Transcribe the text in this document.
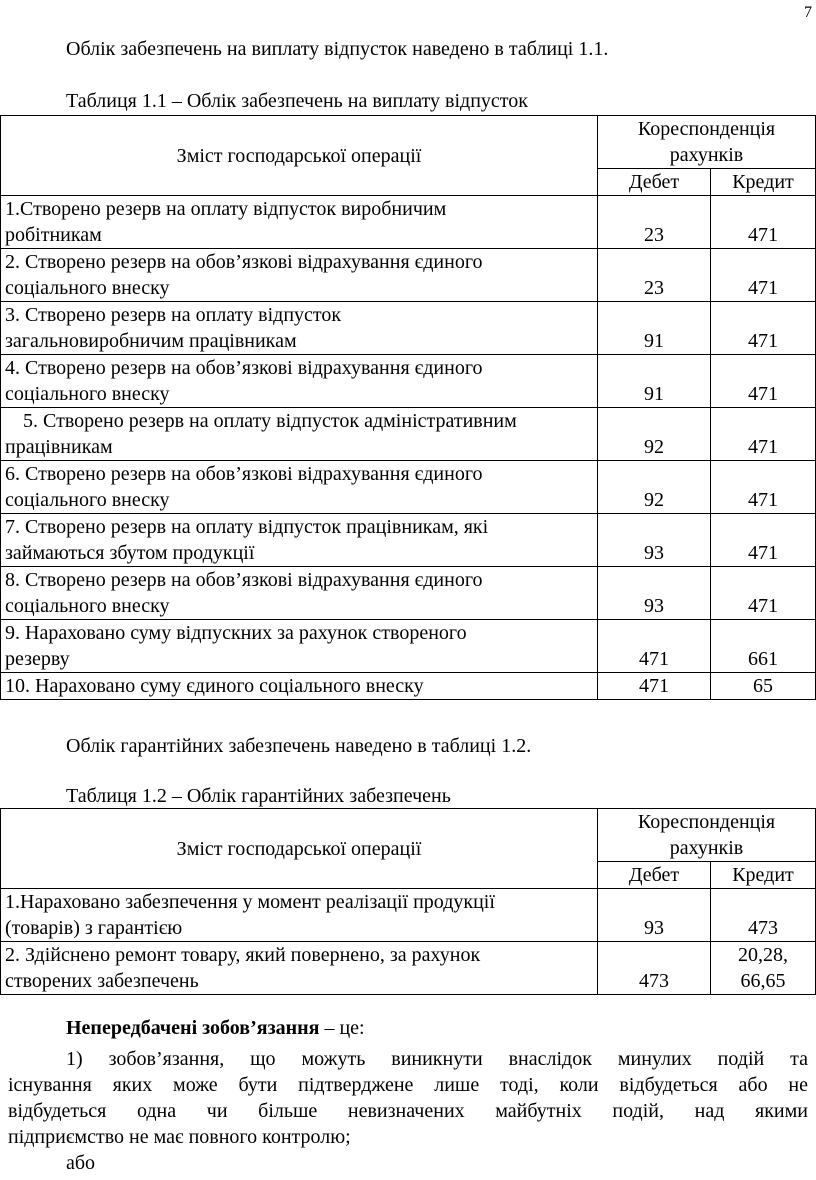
7
Облік забезпечень на виплату відпусток наведено в таблиці 1.1.
Таблиця 1.1 – Облік забезпечень на виплату відпусток
Зміст господарської операції	Кореспонденція
рахунків	
	Дебет	Кредит
1.Створено резерв на оплату відпусток виробничим
робітникам	23	471
2. Створено резерв на обов’язкові відрахування єдиного
соціального внеску	23	471
3. Створено резерв на оплату відпусток
загальновиробничим працівникам	91	471
4. Створено резерв на обов’язкові відрахування єдиного
соціального внеску	91	471
5. Створено резерв на оплату відпусток адміністративним
працівникам	92	471
6. Створено резерв на обов’язкові відрахування єдиного
соціального внеску	92	471
7. Створено резерв на оплату відпусток працівникам, які
займаються збутом продукції	93	471
8. Створено резерв на обов’язкові відрахування єдиного
соціального внеску	93	471
9. Нараховано суму відпускних за рахунок створеного
резерву	471	661
10. Нараховано суму єдиного соціального внеску	471	65
Облік гарантійних забезпечень наведено в таблиці 1.2.
Таблиця 1.2 – Облік гарантійних забезпечень
Зміст господарської операції	Кореспонденція
рахунків	
	Дебет	Кредит
1.Нараховано забезпечення у момент реалізації продукції
(товарів) з гарантією	93	473
2. Здійснено ремонт товару, який повернено, за рахунок
створених забезпечень	473	20,28,
66,65
Непередбачені зобов’язання – це:
1) зобов’язання, що можуть виникнути внаслідок минулих подій та
існування яких може бути підтверджене лише тоді, коли відбудеться або не
відбудеться одна чи більше невизначених майбутніх подій, над якими
підприємство не має повного контролю;
або
